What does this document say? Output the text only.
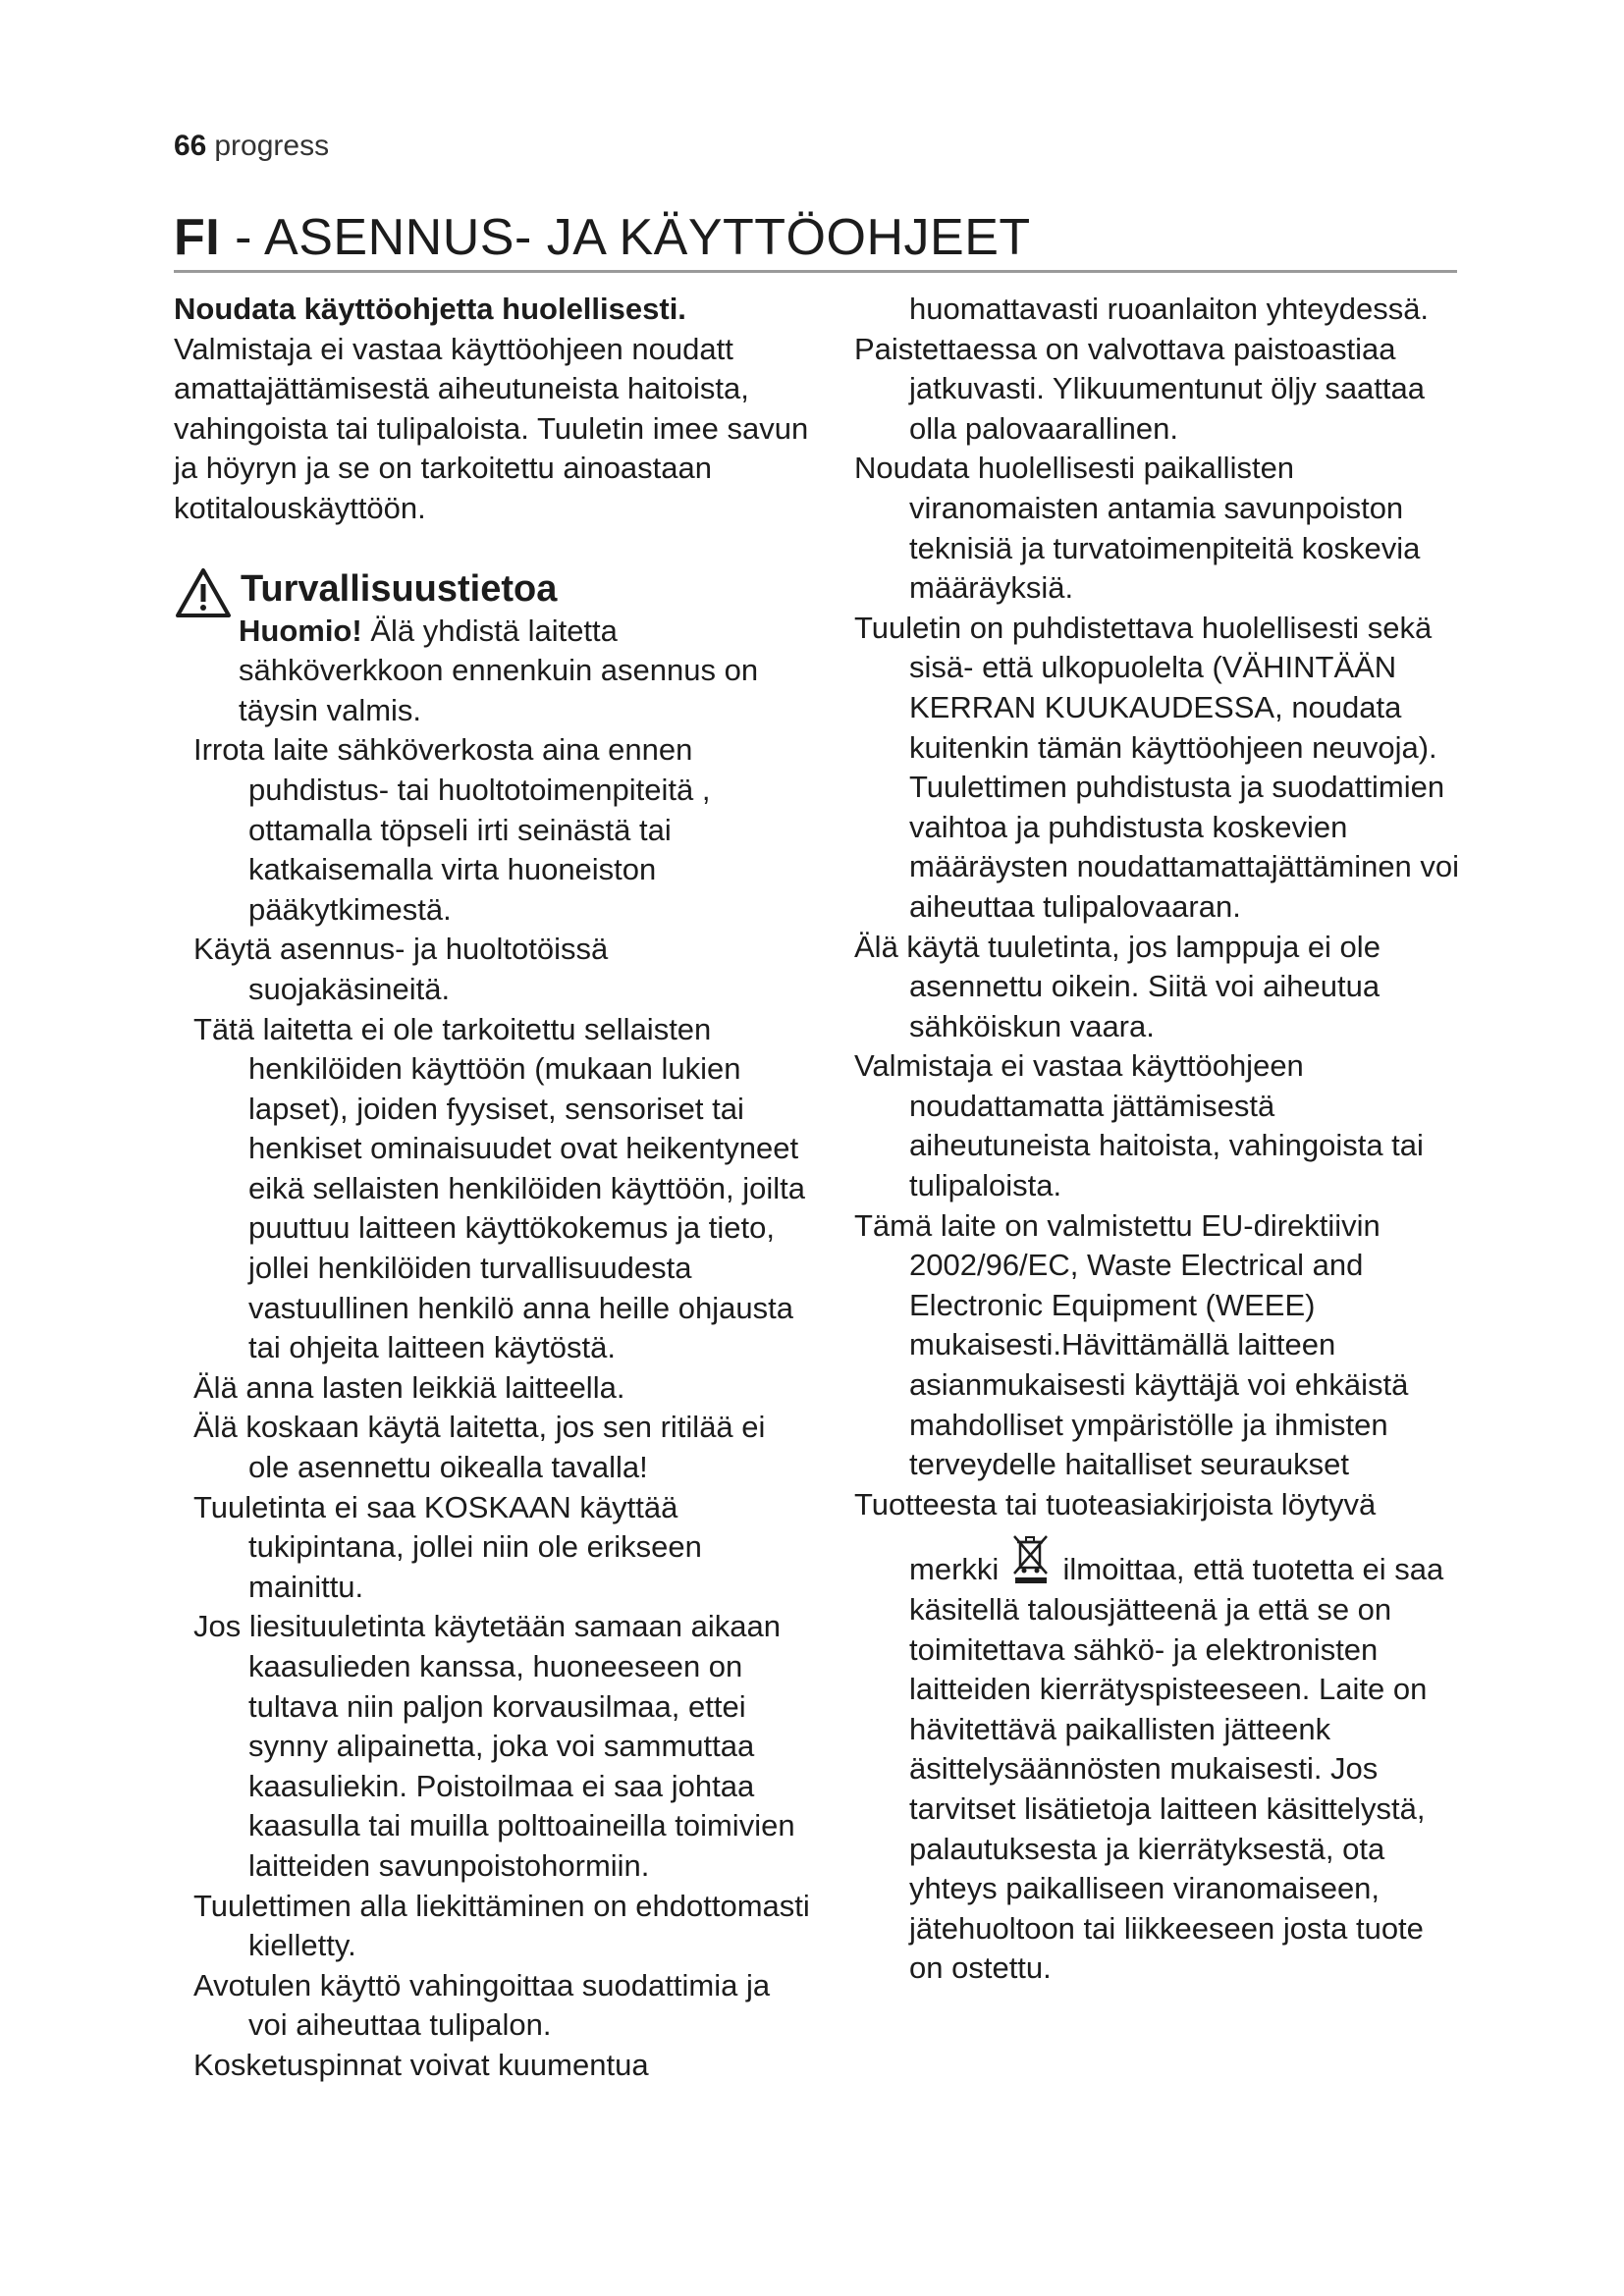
66 progress
FI - ASENNUS- JA KÄYTTÖOHJEET

Noudata käyttöohjetta huolellisesti.

Valmistaja ei vastaa käyttöohjeen noudatt amattajättämisestä aiheutuneista haitoista, vahingoista tai tulipaloista. Tuuletin imee savun ja höyryn ja se on tarkoitettu ainoastaan kotitalouskäyttöön.

Turvallisuustietoa
Huomio! Älä yhdistä laitetta sähköverkkoon ennenkuin asennus on täysin valmis.

Irrota laite sähköverkosta aina ennen puhdistus- tai huoltotoimenpiteitä , ottamalla töpseli irti seinästä tai katkaisemalla virta huoneiston pääkytkimestä.

Käytä asennus- ja huoltotöissä suojakäsineitä.

Tätä laitetta ei ole tarkoitettu sellaisten henkilöiden käyttöön (mukaan lukien lapset), joiden fyysiset, sensoriset tai henkiset ominaisuudet ovat heikentyneet eikä sellaisten henkilöiden käyttöön, joilta puuttuu laitteen käyttökokemus ja tieto, jollei henkilöiden turvallisuudesta vastuullinen henkilö anna heille ohjausta tai ohjeita laitteen käytöstä.

Älä anna lasten leikkiä laitteella.

Älä koskaan käytä laitetta, jos sen ritilää ei ole asennettu oikealla tavalla!

Tuuletinta ei saa KOSKAAN käyttää tukipintana, jollei niin ole erikseen mainittu.

Jos liesituuletinta käytetään samaan aikaan kaasulieden kanssa, huoneeseen on tultava niin paljon korvausilmaa, ettei synny alipainetta, joka voi sammuttaa kaasuliekin. Poistoilmaa ei saa johtaa kaasulla tai muilla polttoaineilla toimivien laitteiden savunpoistohormiin.

Tuulettimen alla liekittäminen on ehdottomasti kielletty.

Avotulen käyttö vahingoittaa suodattimia ja voi aiheuttaa tulipalon.

Kosketuspinnat voivat kuumentua

huomattavasti ruoanlaiton yhteydessä.

Paistettaessa on valvottava paistoastiaa jatkuvasti. Ylikuumentunut öljy saattaa olla palovaarallinen.

Noudata huolellisesti paikallisten viranomaisten antamia savunpoiston teknisiä ja turvatoimenpiteitä koskevia määräyksiä.

Tuuletin on puhdistettava huolellisesti sekä sisä- että ulkopuolelta (VÄHINTÄÄN KERRAN KUUKAUDESSA, noudata kuitenkin tämän käyttöohjeen neuvoja). Tuulettimen puhdistusta ja suodattimien vaihtoa ja puhdistusta koskevien määräysten noudattamattajättäminen voi aiheuttaa tulipalovaaran.

Älä käytä tuuletinta, jos lamppuja ei ole asennettu oikein. Siitä voi aiheutua sähköiskun vaara.

Valmistaja ei vastaa käyttöohjeen noudattamatta jättämisestä aiheutuneista haitoista, vahingoista tai tulipaloista.

Tämä laite on valmistettu EU-direktiivin 2002/96/EC, Waste Electrical and Electronic Equipment (WEEE) mukaisesti.Hävittämällä laitteen asianmukaisesti käyttäjä voi ehkäistä mahdolliset ympäristölle ja ihmisten terveydelle haitalliset seuraukset

Tuotteesta tai tuoteasiakirjoista löytyvä

merkki  ilmoittaa, että tuotetta ei saa käsitellä talousjätteenä ja että se on toimitettava sähkö- ja elektronisten laitteiden kierrätyspisteeseen. Laite on hävitettävä paikallisten jätteenk äsittelysäännösten mukaisesti. Jos tarvitset lisätietoja laitteen käsittelystä, palautuksesta ja kierrätyksestä, ota yhteys paikalliseen viranomaiseen, jätehuoltoon tai liikkeeseen josta tuote on ostettu.
